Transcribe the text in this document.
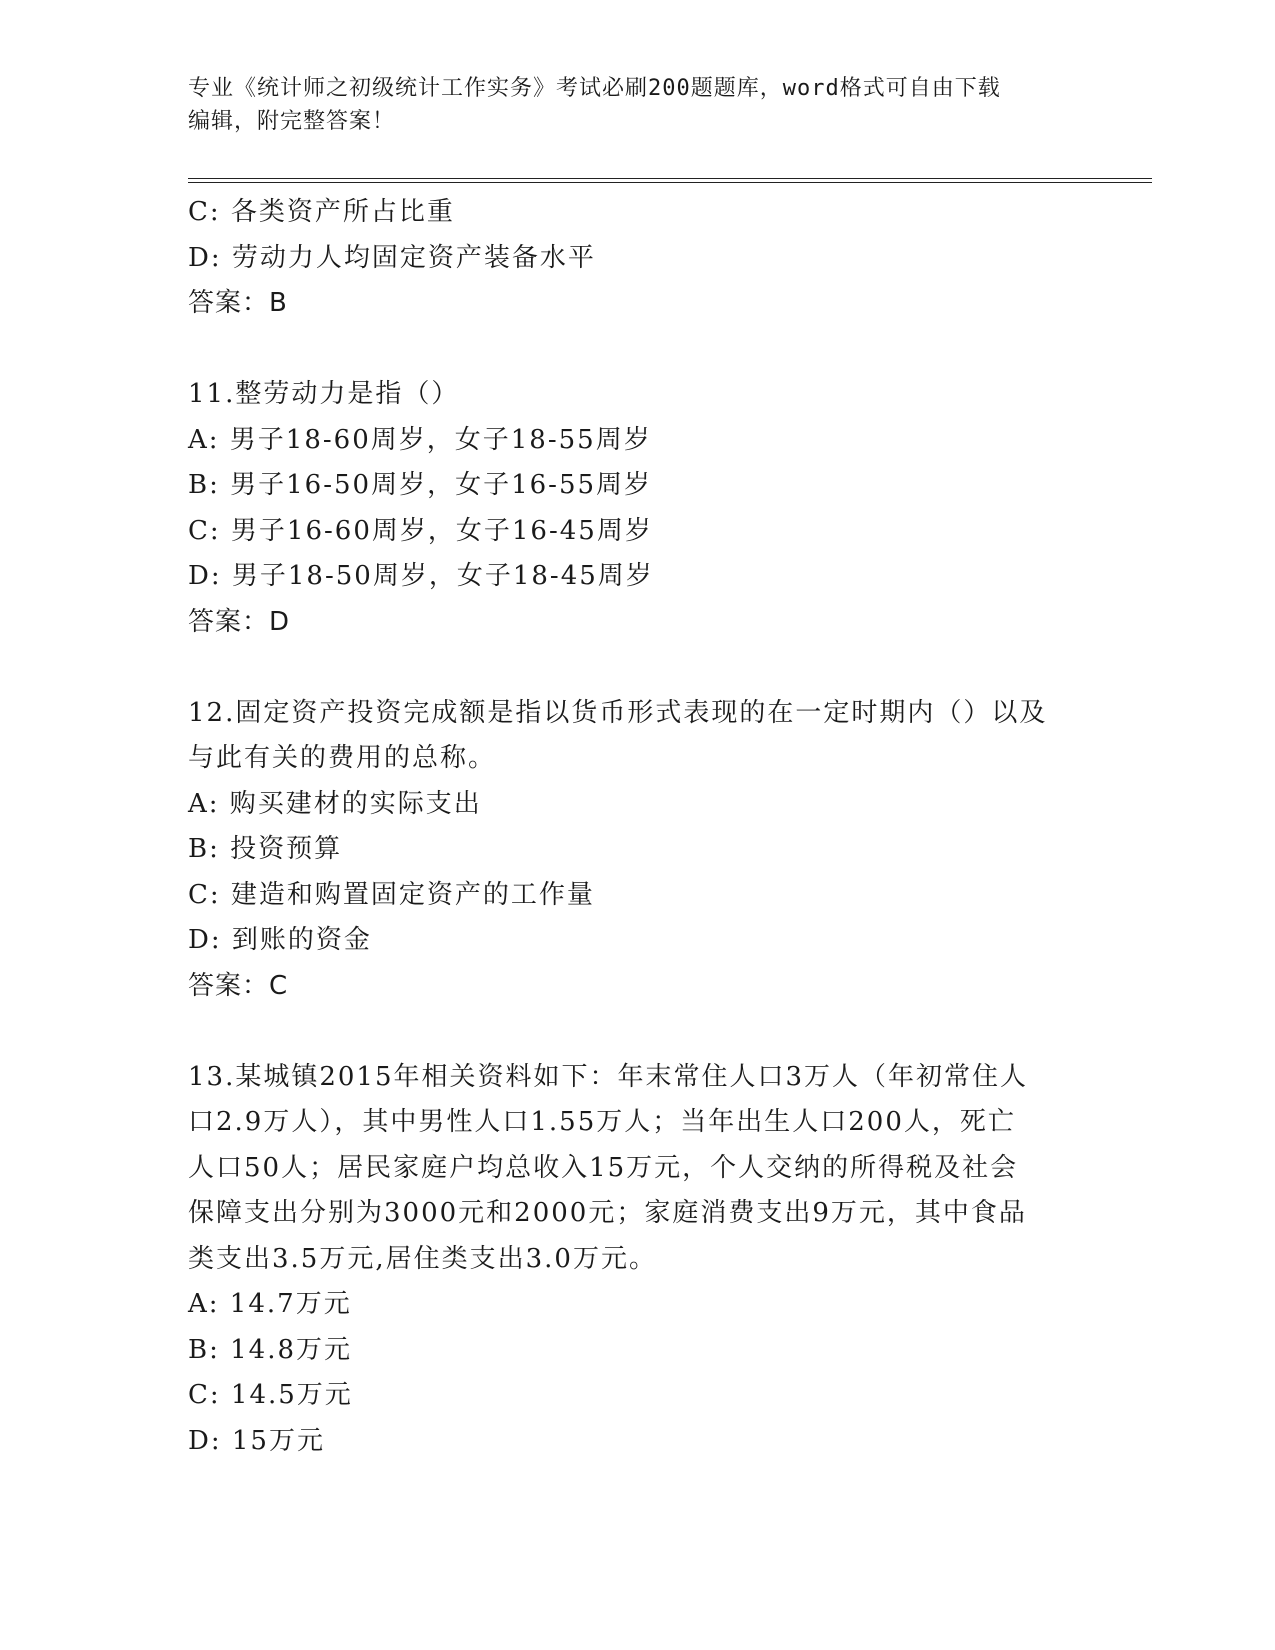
专业《统计师之初级统计工作实务》考试必刷200题题库，word格式可自由下载
编辑，附完整答案！
C: 各类资产所占比重
D: 劳动力人均固定资产装备水平
答案：B
11.整劳动力是指（）
A: 男子18-60周岁，女子18-55周岁
B: 男子16-50周岁，女子16-55周岁
C: 男子16-60周岁，女子16-45周岁
D: 男子18-50周岁，女子18-45周岁
答案：D
12.固定资产投资完成额是指以货币形式表现的在一定时期内（）以及
与此有关的费用的总称。
A: 购买建材的实际支出
B: 投资预算
C: 建造和购置固定资产的工作量
D: 到账的资金
答案：C
13.某城镇2015年相关资料如下：年末常住人口3万人（年初常住人
口2.9万人），其中男性人口1.55万人；当年出生人口200人，死亡
人口50人；居民家庭户均总收入15万元，个人交纳的所得税及社会
保障支出分别为3000元和2000元；家庭消费支出9万元，其中食品
类支出3.5万元,居住类支出3.0万元。
A: 14.7万元
B: 14.8万元
C: 14.5万元
D: 15万元
